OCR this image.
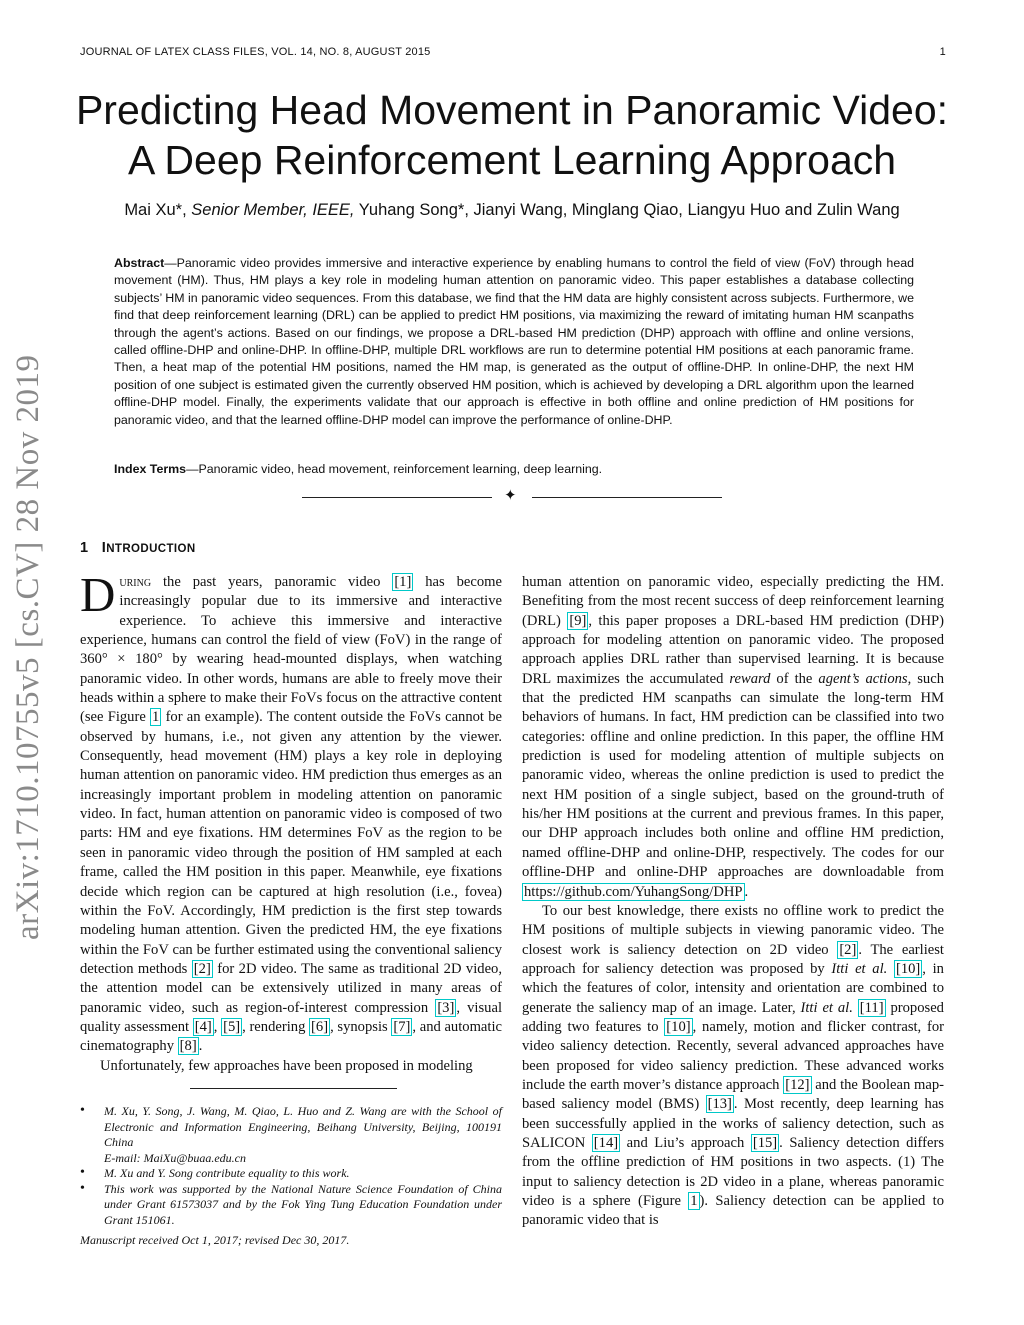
JOURNAL OF LATEX CLASS FILES, VOL. 14, NO. 8, AUGUST 2015	1
arXiv:1710.10755v5 [cs.CV] 28 Nov 2019
Predicting Head Movement in Panoramic Video:
A Deep Reinforcement Learning Approach
Mai Xu*, Senior Member, IEEE, Yuhang Song*, Jianyi Wang, Minglang Qiao, Liangyu Huo and Zulin Wang

Abstract—Panoramic video provides immersive and interactive experience by enabling humans to control the field of view (FoV) through head movement (HM). Thus, HM plays a key role in modeling human attention on panoramic video. This paper establishes a database collecting subjects’ HM in panoramic video sequences. From this database, we find that the HM data are highly consistent across subjects. Furthermore, we find that deep reinforcement learning (DRL) can be applied to predict HM positions, via maximizing the reward of imitating human HM scanpaths through the agent’s actions. Based on our findings, we propose a DRL-based HM prediction (DHP) approach with offline and online versions, called offline-DHP and online-DHP. In offline-DHP, multiple DRL workflows are run to determine potential HM positions at each panoramic frame. Then, a heat map of the potential HM positions, named the HM map, is generated as the output of offline-DHP. In online-DHP, the next HM position of one subject is estimated given the currently observed HM position, which is achieved by developing a DRL algorithm upon the learned offline-DHP model. Finally, the experiments validate that our approach is effective in both offline and online prediction of HM positions for panoramic video, and that the learned offline-DHP model can improve the performance of online-DHP.

Index Terms—Panoramic video, head movement, reinforcement learning, deep learning.

✦
1 INTRODUCTION

During the past years, panoramic video [1] has become increasingly popular due to its immersive and interactive experience. To achieve this immersive and interactive experience, humans can control the field of view (FoV) in the range of 360° × 180° by wearing head-mounted displays, when watching panoramic video. In other words, humans are able to freely move their heads within a sphere to make their FoVs focus on the attractive content (see Figure 1 for an example). The content outside the FoVs cannot be observed by humans, i.e., not given any attention by the viewer. Consequently, head movement (HM) plays a key role in deploying human attention on panoramic video. HM prediction thus emerges as an increasingly important problem in modeling attention on panoramic video. In fact, human attention on panoramic video is composed of two parts: HM and eye fixations. HM determines FoV as the region to be seen in panoramic video through the position of HM sampled at each frame, called the HM position in this paper. Meanwhile, eye fixations decide which region can be captured at high resolution (i.e., fovea) within the FoV. Accordingly, HM prediction is the first step towards modeling human attention. Given the predicted HM, the eye fixations within the FoV can be further estimated using the conventional saliency detection methods [2] for 2D video. The same as traditional 2D video, the attention model can be extensively utilized in many areas of panoramic video, such as region-of-interest compression [3] , visual quality assessment [4] , [5] , rendering [6] , synopsis [7] , and automatic cinematography [8] .

Unfortunately, few approaches have been proposed in modeling

human attention on panoramic video, especially predicting the HM. Benefiting from the most recent success of deep reinforcement learning (DRL) [9] , this paper proposes a DRL-based HM prediction (DHP) approach for modeling attention on panoramic video. The proposed approach applies DRL rather than supervised learning. It is because DRL maximizes the accumulated reward of the agent’s actions, such that the predicted HM scanpaths can simulate the long-term HM behaviors of humans. In fact, HM prediction can be classified into two categories: offline and online prediction. In this paper, the offline HM prediction is used for modeling attention of multiple subjects on panoramic video, whereas the online prediction is used to predict the next HM position of a single subject, based on the ground-truth of his/her HM positions at the current and previous frames. In this paper, our DHP approach includes both online and offline HM prediction, named offline-DHP and online-DHP, respectively. The codes for our offline-DHP and online-DHP approaches are downloadable from https://github.com/YuhangSong/DHP .

To our best knowledge, there exists no offline work to predict the HM positions of multiple subjects in viewing panoramic video. The closest work is saliency detection on 2D video [2] . The earliest approach for saliency detection was proposed by Itti et al. [10] , in which the features of color, intensity and orientation are combined to generate the saliency map of an image. Later, Itti et al. [11] proposed adding two features to [10] , namely, motion and flicker contrast, for video saliency detection. Recently, several advanced approaches have been proposed for video saliency prediction. These advanced works include the earth mover’s distance approach [12] and the Boolean map-based saliency model (BMS) [13] . Most recently, deep learning has been successfully applied in the works of saliency detection, such as SALICON [14] and Liu’s approach [15] . Saliency detection differs from the offline prediction of HM positions in two aspects. (1) The input to saliency detection is 2D video in a plane, whereas panoramic video is a sphere (Figure 1 ). Saliency detection can be applied to panoramic video that is

• M. Xu, Y. Song, J. Wang, M. Qiao, L. Huo and Z. Wang are with the School of Electronic and Information Engineering, Beihang University, Beijing, 100191 China
E-mail: MaiXu@buaa.edu.cn
• M. Xu and Y. Song contribute equality to this work.
• This work was supported by the National Nature Science Foundation of China under Grant 61573037 and by the Fok Ying Tung Education Foundation under Grant 151061.
Manuscript received Oct 1, 2017; revised Dec 30, 2017.
